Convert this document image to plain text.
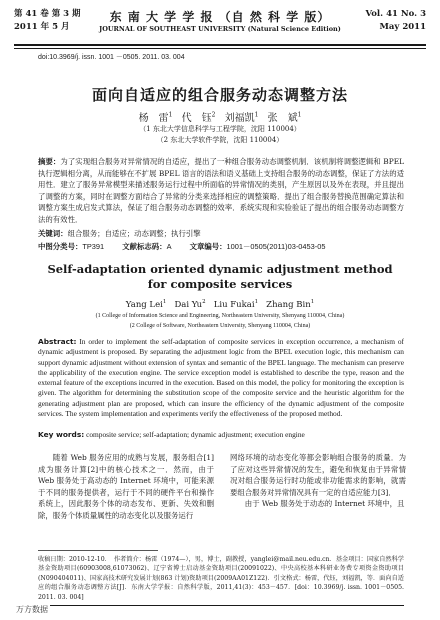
第 41 卷 第 3 期
2011 年 5 月
东 南 大 学 学 报 （自 然 科 学 版）
JOURNAL OF SOUTHEAST UNIVERSITY (Natural Science Edition)
Vol. 41 No. 3
May 2011
doi:10.3969/j. issn. 1001 －0505. 2011. 03. 004
面向自适应的组合服务动态调整方法
杨　雷$^1$ 代　钰$^2$ 刘福凯$^1$ 张　斌$^1$
（1 东北大学信息科学与工程学院，沈阳 110004）
（2 东北大学软件学院，沈阳 110004）
摘要：为了实现组合服务对异常情况的自适应，提出了一种组合服务动态调整机制．该机制将调整逻辑和 BPEL 执行逻辑相分离，从而能够在不扩展 BPEL 语言的语法和语义基础上支持组合服务的动态调整，保证了方法的适用性．建立了服务异常模型来描述服务运行过程中所面临的异常情况的类别，产生原因以及外在表现，并且提出了调整的方案，同时在调整方面结合了异常的分类来选择相应的调整策略．提出了组合服务替换范围确定算法和调整方案生成启发式算法，保证了组合服务动态调整的效率．系统实现和实验验证了提出的组合服务动态调整方法的有效性．
关键词：组合服务；自适应；动态调整；执行引擎
中图分类号：TP391 文献标志码：A 文章编号：1001－0505(2011)03-0453-05
Self-adaptation oriented dynamic adjustment method
for composite services
Yang Lei$^1$ Dai Yu$^2$ Liu Fukai$^1$ Zhang Bin$^1$
(1 College of Information Science and Engineering, Northeastern University, Shenyang 110004, China)
(2 College of Software, Northeastern University, Shenyang 110004, China)
Abstract: In order to implement the self-adaptation of composite services in exception occurrence, a mechanism of dynamic adjustment is proposed. By separating the adjustment logic from the BPEL execution logic, this mechanism can support dynamic adjustment without extension of syntax and semantic of the BPEL language. The mechanism can preserve the applicability of the execution engine. The service exception model is established to describe the type, reason and the external feature of the exceptions incurred in the execution. Based on this model, the policy for monitoring the exception is given. The algorithm for determining the substitution scope of the composite service and the heuristic algorithm for the generating adjustment plan are proposed, which can insure the efficiency of the dynamic adjustment of the composite services. The system implementation and experiments verify the effectiveness of the proposed method.
Key words: composite service; self-adaptation; dynamic adjustment; execution engine
随着 Web 服务应用的成熟与发展，服务组合[1]成为服务计算[2]中的核心技术之一．然而，由于 Web 服务处于高动态的 Internet 环境中，可能来源于不同的服务提供者，运行于不同的硬件平台和操作系统上，因此服务个体的动态发布、更新、失效和删除，服务个体质量属性的动态变化以及服务运行
网络环境的动态变化等都会影响组合服务的质量．为了应对这些异常情况的发生，避免和恢复由于异常情况对组合服务运行时功能或非功能需求的影响，就需要组合服务对异常情况具有一定的自适应能力[3]．
由于 Web 服务处于动态的 Internet 环境中，且
收稿日期：2010-12-10．　作者简介：杨雷（1974—），男，博士，副教授，yanglei@mail.neu.edu.cn．基金项目：国家自然科学基金资助项目(60903008,61073062)、辽宁省博士启动基金资助项目(20091022)、中央高校基本科研业务费专项资金资助项目(N090404011)、国家高技术研究发展计划(863 计划)资助项目(2009AA01Z122)．引文格式：杨雷，代钰，刘福凯，等．面向自适应的组合服务动态调整方法[J]．东南大学学报：自然科学版，2011,41(3)：453－457．[doi：10.3969/j. issn. 1001－0505. 2011. 03. 004]
万方数据
